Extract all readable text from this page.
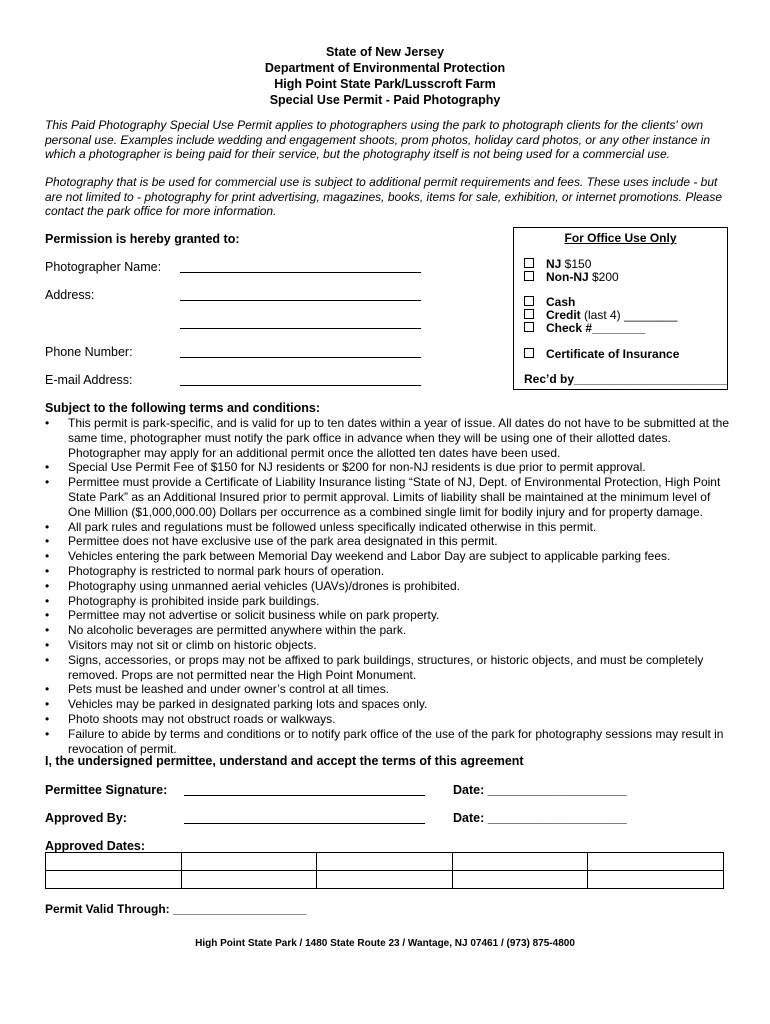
State of New Jersey
Department of Environmental Protection
High Point State Park/Lusscroft Farm
Special Use Permit - Paid Photography
This Paid Photography Special Use Permit applies to photographers using the park to photograph clients for the clients' own personal use. Examples include wedding and engagement shoots, prom photos, holiday card photos, or any other instance in which a photographer is being paid for their service, but the photography itself is not being used for a commercial use.
Photography that is be used for commercial use is subject to additional permit requirements and fees. These uses include - but are not limited to - photography for print advertising, magazines, books, items for sale, exhibition, or internet promotions. Please contact the park office for more information.
Permission is hereby granted to:
Photographer Name:
Address:
Phone Number:
E-mail Address:
For Office Use Only
NJ $150
Non-NJ $200
Cash
Credit (last 4) ________
Check #________
Certificate of Insurance
Rec’d by_______________________
Subject to the following terms and conditions:
• This permit is park-specific, and is valid for up to ten dates within a year of issue. All dates do not have to be submitted at the same time, photographer must notify the park office in advance when they will be using one of their allotted dates. Photographer may apply for an additional permit once the allotted ten dates have been used.
• Special Use Permit Fee of $150 for NJ residents or $200 for non-NJ residents is due prior to permit approval.
• Permittee must provide a Certificate of Liability Insurance listing “State of NJ, Dept. of Environmental Protection, High Point State Park” as an Additional Insured prior to permit approval. Limits of liability shall be maintained at the minimum level of One Million ($1,000,000.00) Dollars per occurrence as a combined single limit for bodily injury and for property damage.
• All park rules and regulations must be followed unless specifically indicated otherwise in this permit.
• Permittee does not have exclusive use of the park area designated in this permit.
• Vehicles entering the park between Memorial Day weekend and Labor Day are subject to applicable parking fees.
• Photography is restricted to normal park hours of operation.
• Photography using unmanned aerial vehicles (UAVs)/drones is prohibited.
• Photography is prohibited inside park buildings.
• Permittee may not advertise or solicit business while on park property.
• No alcoholic beverages are permitted anywhere within the park.
• Visitors may not sit or climb on historic objects.
• Signs, accessories, or props may not be affixed to park buildings, structures, or historic objects, and must be completely removed. Props are not permitted near the High Point Monument.
• Pets must be leashed and under owner’s control at all times.
• Vehicles may be parked in designated parking lots and spaces only.
• Photo shoots may not obstruct roads or walkways.
• Failure to abide by terms and conditions or to notify park office of the use of the park for photography sessions may result in revocation of permit.
I, the undersigned permittee, understand and accept the terms of this agreement
Permittee Signature:	Date: ____________________
Approved By:	Date: ____________________
Approved Dates:

Permit Valid Through: ____________________
High Point State Park / 1480 State Route 23 / Wantage, NJ 07461 / (973) 875-4800
